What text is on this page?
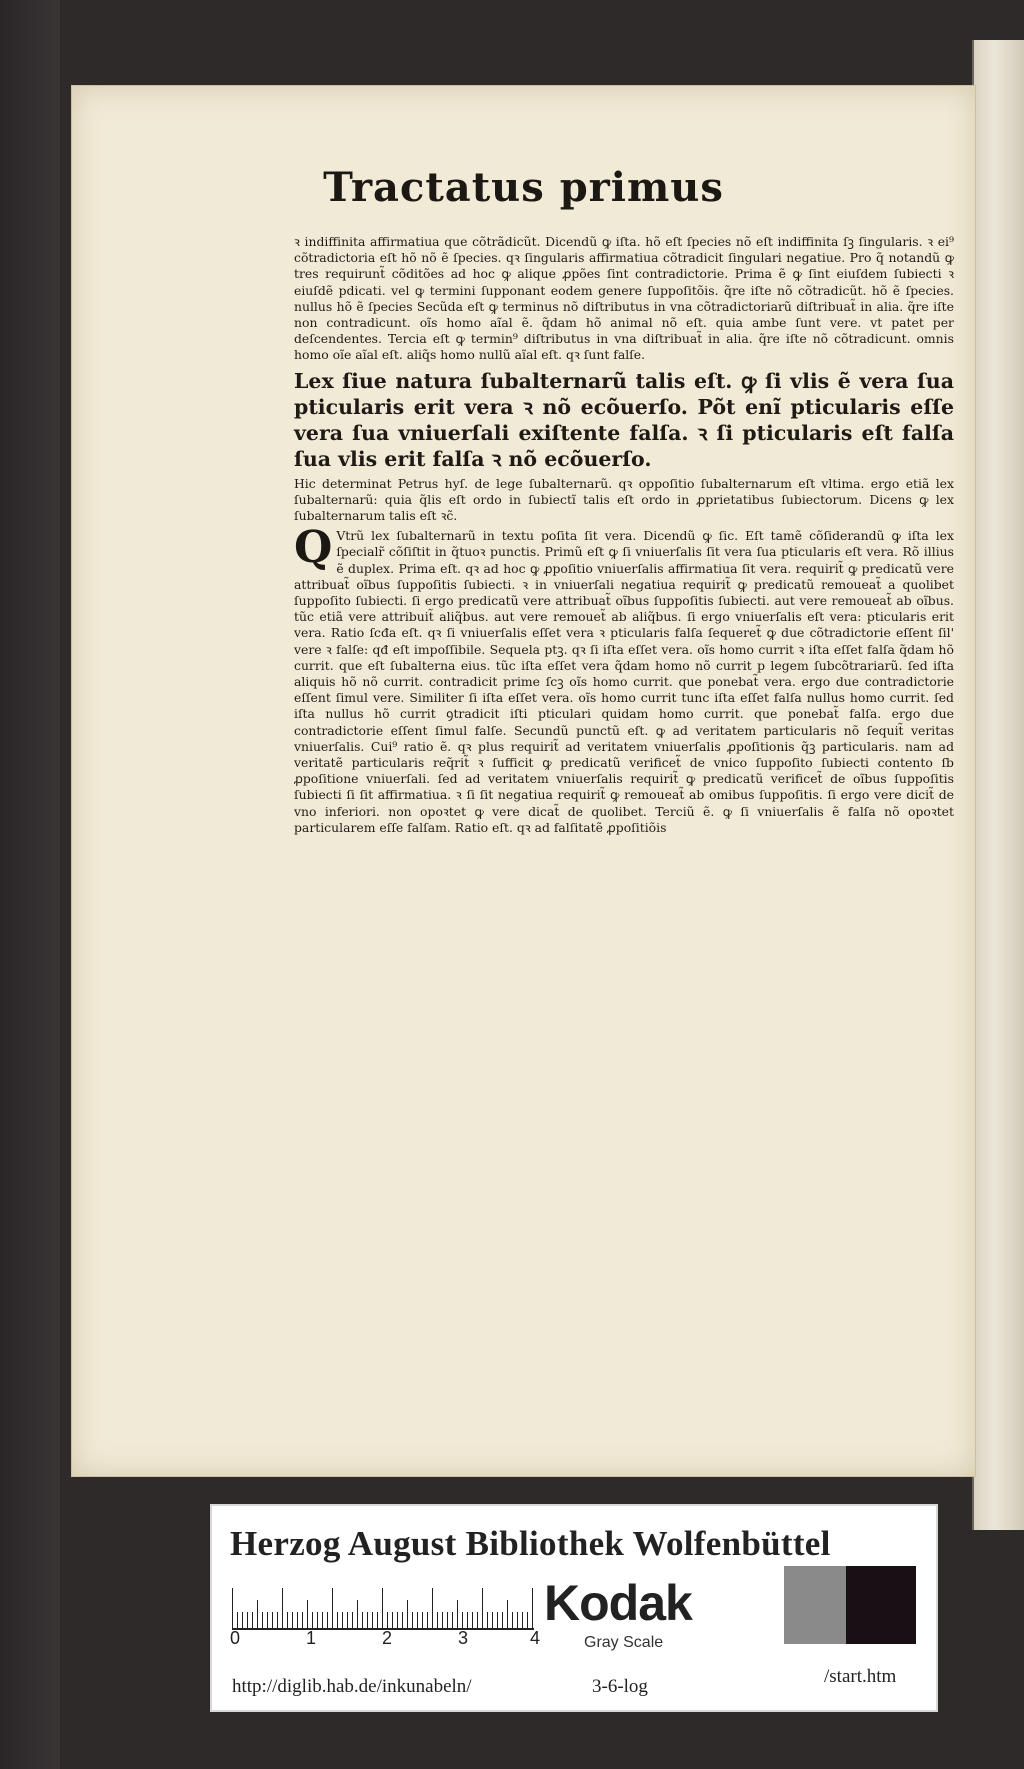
Tractatus primus

ꝛ indiffinita affirmatiua que cõtrãdicũt. Dicendũ ꝙ iſta. hõ eſt ſpecies nõ eſt indiffinita ſꝫ ſingularis. ꝛ ei⁹ cõtradictoria eſt hõ nõ ẽ ſpecies. qꝛ ſingularis affirmatiua cõtradicit ſingulari negatiue. Pro q̃ notandũ ꝙ tres requirunt̃ cõditões ad hoc ꝙ alique ꝓpões ſint contradictorie. Prima ẽ ꝙ ſint eiuſdem ſubiecti ꝛ eiuſdẽ pdicati. vel ꝙ termini ſupponant eodem genere ſuppoſitõis. q̃re iſte nõ cõtradicũt. hõ ẽ ſpecies. nullus hõ ẽ ſpecies Secũda eſt ꝙ terminus nõ diſtributus in vna cõtradictoriarũ diſtribuat̃ in alia. q̃re iſte non contradicunt. oĩs homo aĩal ẽ. q̃dam hõ animal nõ eſt. quia ambe ſunt vere. vt patet per deſcendentes. Tercia eſt ꝙ termin⁹ diſtributus in vna diſtribuat̃ in alia. q̃re iſte nõ cõtradicunt. omnis homo oĩe aĩal eſt. aliq̃s homo nullũ aĩal eſt. qꝛ ſunt falſe.

Lex ſiue natura ſubalternarũ talis eſt. ꝙ ſi vlis ẽ vera ſua pticularis erit vera ꝛ nõ ecõuerſo. Põt enĩ pticularis eſſe vera ſua vniuerſali exiſtente falſa. ꝛ ſi pticularis eſt falſa ſua vlis erit falſa ꝛ nõ ecõuerſo.

Hic determinat Petrus hyſ. de lege ſubalternarũ. qꝛ oppoſitio ſubalternarum eſt vltima. ergo etiã lex ſubalternarũ: quia q̃lis eſt ordo in ſubiectĩ talis eſt ordo in ꝓprietatibus ſubiectorum. Dicens ꝙ lex ſubalternarum talis eſt ꝛc̃.

Q Vtrũ lex ſubalternarũ in textu poſita ſit vera. Dicendũ ꝙ ſic. Eſt tamẽ cõſiderandũ ꝙ iſta lex ſpecialr̃ cõſiſtit in q̃tuoꝛ punctis. Primũ eſt ꝙ ſi vniuerſalis ſit vera ſua pticularis eſt vera. Rõ illius ẽ duplex. Prima eſt. qꝛ ad hoc ꝙ ꝓpoſitio vniuerſalis affirmatiua ſit vera. requirit̃ ꝙ predicatũ vere attribuat̃ oĩbus ſuppoſitis ſubiecti. ꝛ in vniuerſali negatiua requirit̃ ꝙ predicatũ remoueat̃ a quolibet ſuppoſito ſubiecti. ſi ergo predicatũ vere attribuat̃ oĩbus ſuppoſitis ſubiecti. aut vere remoueat̃ ab oĩbus. tũc etiã vere attribuit̃ aliq̃bus. aut vere remouet̃ ab aliq̃bus. ſi ergo vniuerſalis eſt vera: pticularis erit vera. Ratio ſcđa eſt. qꝛ ſi vniuerſalis eſſet vera ꝛ pticularis falſa ſequeret̃ ꝙ due cõtradictorie eſſent ſil' vere ꝛ falſe: qđ eſt impoſſibile. Sequela ptꝫ. qꝛ ſi iſta eſſet vera. oĩs homo currit ꝛ iſta eſſet falſa q̃dam hõ currit. que eſt ſubalterna eius. tũc iſta eſſet vera q̃dam homo nõ currit p legem ſubcõtrariarũ. ſed iſta aliquis hõ nõ currit. contradicit prime ſcꝫ oĩs homo currit. que ponebat̃ vera. ergo due contradictorie eſſent ſimul vere. Similiter ſi iſta eſſet vera. oĩs homo currit tunc iſta eſſet falſa nullus homo currit. ſed iſta nullus hõ currit ꝯtradicit iſti pticulari quidam homo currit. que ponebat̃ falſa. ergo due contradictorie eſſent ſimul falſe. Secundũ punctũ eſt. ꝙ ad veritatem particularis nõ ſequit̃ veritas vniuerſalis. Cui⁹ ratio ẽ. qꝛ plus requirit̃ ad veritatem vniuerſalis ꝓpoſitionis q̃ꝫ particularis. nam ad veritatẽ particularis req̃rit̃ ꝛ ſufficit ꝙ predicatũ verificet̃ de vnico ſuppoſito ſubiecti contento ſb ꝓpoſitione vniuerſali. ſed ad veritatem vniuerſalis requirit̃ ꝙ predicatũ verificet̃ de oĩbus ſuppoſitis ſubiecti ſi ſit affirmatiua. ꝛ ſi ſit negatiua requirit̃ ꝙ remoueat̃ ab omibus ſuppoſitis. ſi ergo vere dicit̃ de vno inferiori. non opoꝛtet ꝙ vere dicat̃ de quolibet. Terciũ ẽ. ꝙ ſi vniuerſalis ẽ falſa nõ opoꝛtet particularem eſſe falſam. Ratio eſt. qꝛ ad falſitatẽ ꝓpoſitiõis

Herzog August Bibliothek Wolfenbüttel
0	1	2	3	4
Kodak
Gray Scale
http://diglib.hab.de/inkunabeln/	3-6-log	/start.htm
